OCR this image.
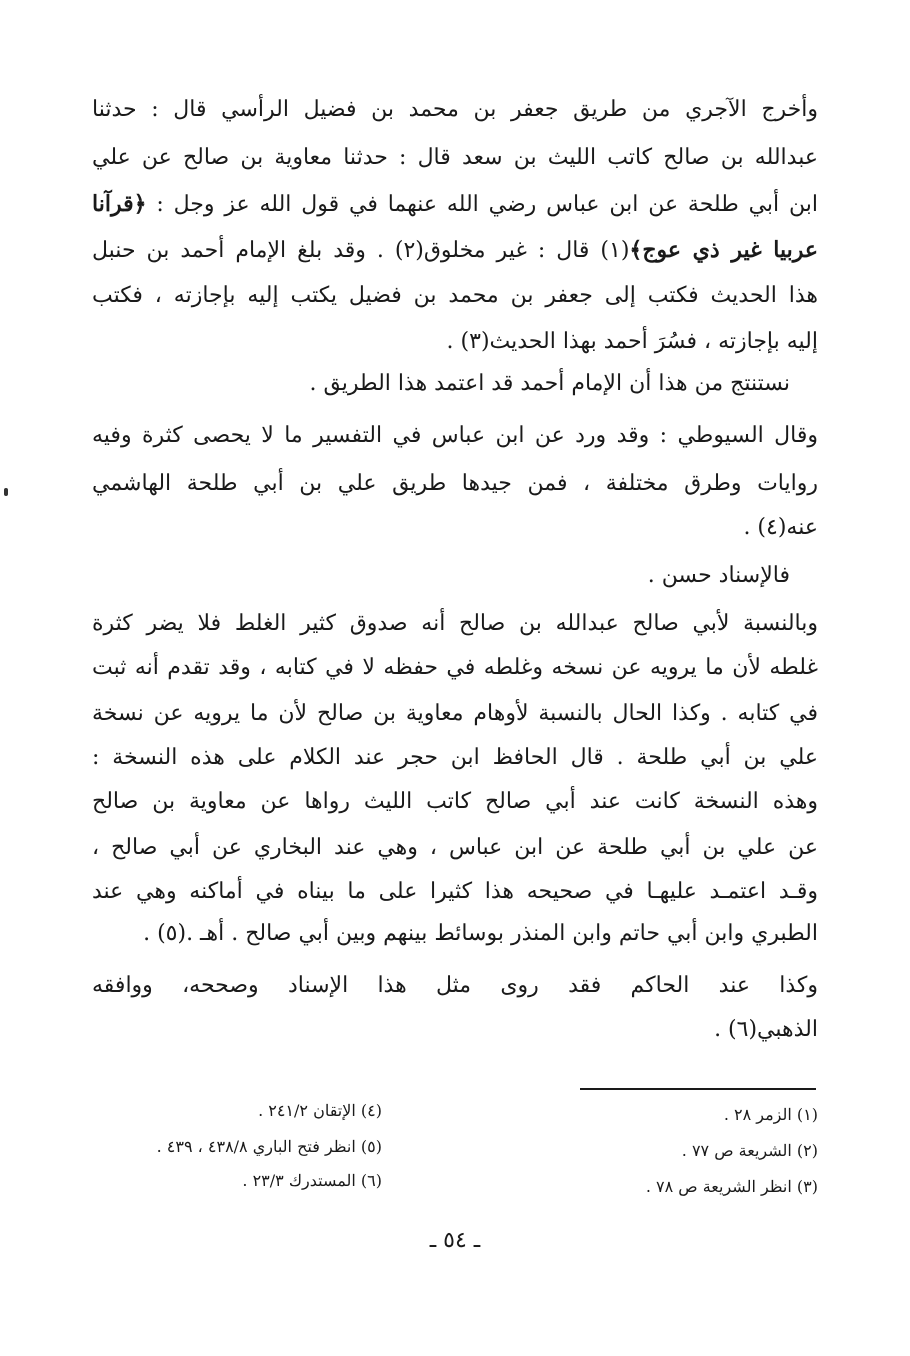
وأخرج الآجري من طريق جعفر بن محمد بن فضيل الرأسي قال : حدثنا
عبدالله بن صالح كاتب الليث بن سعد قال : حدثنا معاوية بن صالح عن علي
ابن أبي طلحة عن ابن عباس رضي الله عنهما في قول الله عز وجل : ﴿قرآنا
عربيا غير ذي عوج﴾(١) قال : غير مخلوق(٢) . وقد بلغ الإمام أحمد بن حنبل
هذا الحديث فكتب إلى جعفر بن محمد بن فضيل يكتب إليه بإجازته ، فكتب
إليه بإجازته ، فسُرَ أحمد بهذا الحديث(٣) .
نستنتج من هذا أن الإمام أحمد قد اعتمد هذا الطريق .
وقال السيوطي : وقد ورد عن ابن عباس في التفسير ما لا يحصى كثرة وفيه
روايات وطرق مختلفة ، فمن جيدها طريق علي بن أبي طلحة الهاشمي
عنه(٤) .
فالإسناد حسن .
وبالنسبة لأبي صالح عبدالله بن صالح أنه صدوق كثير الغلط فلا يضر كثرة
غلطه لأن ما يرويه عن نسخه وغلطه في حفظه لا في كتابه ، وقد تقدم أنه ثبت
في كتابه . وكذا الحال بالنسبة لأوهام معاوية بن صالح لأن ما يرويه عن نسخة
علي بن أبي طلحة . قال الحافظ ابن حجر عند الكلام على هذه النسخة :
وهذه النسخة كانت عند أبي صالح كاتب الليث رواها عن معاوية بن صالح
عن علي بن أبي طلحة عن ابن عباس ، وهي عند البخاري عن أبي صالح ،
وقـد اعتمـد عليهـا في صحيحه هذا كثيرا على ما بيناه في أماكنه وهي عند
الطبري وابن أبي حاتم وابن المنذر بوسائط بينهم وبين أبي صالح . أهـ .(٥) .
وكذا عند الحاكم فقد روى مثل هذا الإسناد وصححه، ووافقه
الذهبي(٦) .
(١) الزمر ٢٨ .
(٢) الشريعة ص ٧٧ .
(٣) انظر الشريعة ص ٧٨ .
(٤) الإتقان ٢٤١/٢ .
(٥) انظر فتح الباري ٤٣٨/٨ ، ٤٣٩ .
(٦) المستدرك ٢٣/٣ .
ـ ٥٤ ـ
